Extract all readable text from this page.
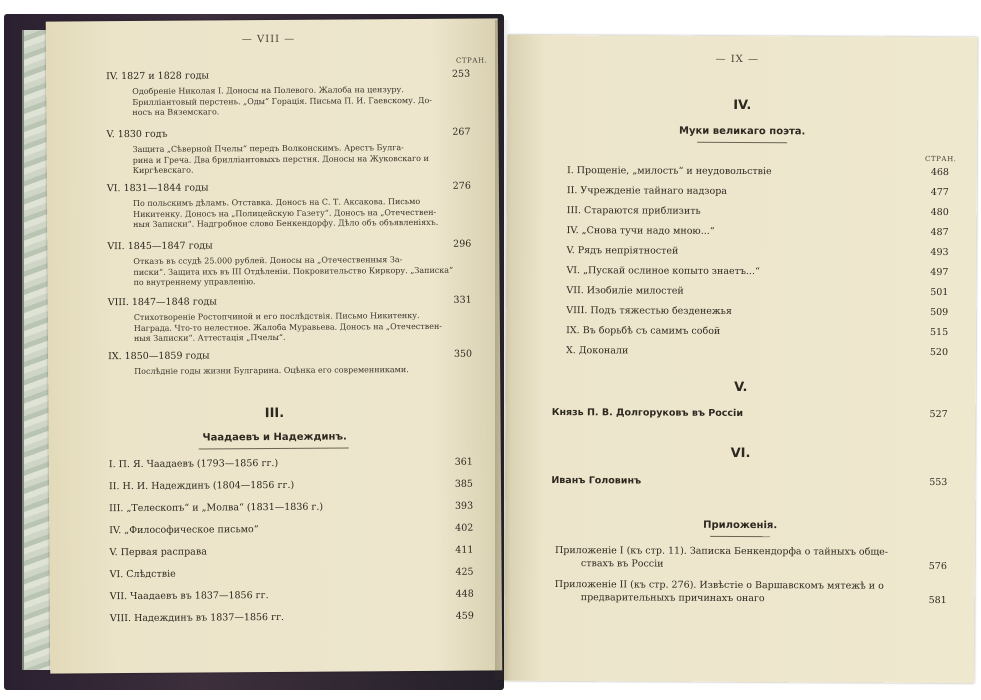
— VIII —
СТРАН.
IV. 1827 и 1828 годы	253
Одобреніе Николая I. Доносы на Полевого. Жалоба на цензуру.
Брилліантовый перстень. „Оды“ Горація. Письма П. И. Гаевскому. До-
носъ на Вяземскаго.
V. 1830 годъ	267
Защита „Сѣверной Пчелы“ передъ Волконскимъ. Арестъ Булга-
рина и Греча. Два брилліантовыхъ перстня. Доносы на Жуковскаго и
Киргѣевскаго.
VI. 1831—1844 годы	276
По польскимъ дѣламъ. Отставка. Доносъ на С. Т. Аксакова. Письмо
Никитенку. Доносъ на „Полицейскую Газету“. Доносъ на „Отечествен-
ныя Записки“. Надгробное слово Бенкендорфу. Дѣло объ объявленіяхъ.
VII. 1845—1847 годы	296
Отказъ въ ссудѣ 25.000 рублей. Доносы на „Отечественныя За-
писки“. Защита ихъ въ III Отдѣленіи. Покровительство Киркору. „Записка“
по внутреннему управленію.
VIII. 1847—1848 годы	331
Стихотвореніе Ростопчиной и его послѣдствія. Письмо Никитенку.
Награда. Что-то нелестное. Жалоба Муравьева. Доносъ на „Отечествен-
ныя Записки“. Аттестація „Пчелы“.
IX. 1850—1859 годы	350
Послѣдніе годы жизни Булгарина. Оцѣнка его современниками.
III.
Чаадаевъ и Надеждинъ.
I. П. Я. Чаадаевъ (1793—1856 гг.)	361
II. Н. И. Надеждинъ (1804—1856 гг.)	385
III. „Телескопъ“ и „Молва“ (1831—1836 г.)	393
IV. „Философическое письмо“	402
V. Первая расправа	411
VI. Слѣдствіе	425
VII. Чаадаевъ въ 1837—1856 гг.	448
VIII. Надеждинъ въ 1837—1856 гг.	459
— IX —
IV.
Муки великаго поэта.
СТРАН.
I. Прощеніе, „милость“ и неудовольствіе	468
II. Учрежденіе тайнаго надзора	477
III. Стараются приблизить	480
IV. „Снова тучи надо мною...“	487
V. Рядъ непріятностей	493
VI. „Пускай ослиное копыто знаетъ...“	497
VII. Изобиліе милостей	501
VIII. Подъ тяжестью безденежья	509
IX. Въ борьбѣ съ самимъ собой	515
X. Доконали	520
V.
Князь П. В. Долгоруковъ въ Россіи	527
VI.
Иванъ Головинъ	553
Приложенія.
Приложеніе I (къ стр. 11). Записка Бенкендорфа о тайныхъ обще-
ствахъ въ Россіи	576
Приложеніе II (къ стр. 276). Извѣстіе о Варшавскомъ мятежѣ и о
предварительныхъ причинахъ онаго	581
